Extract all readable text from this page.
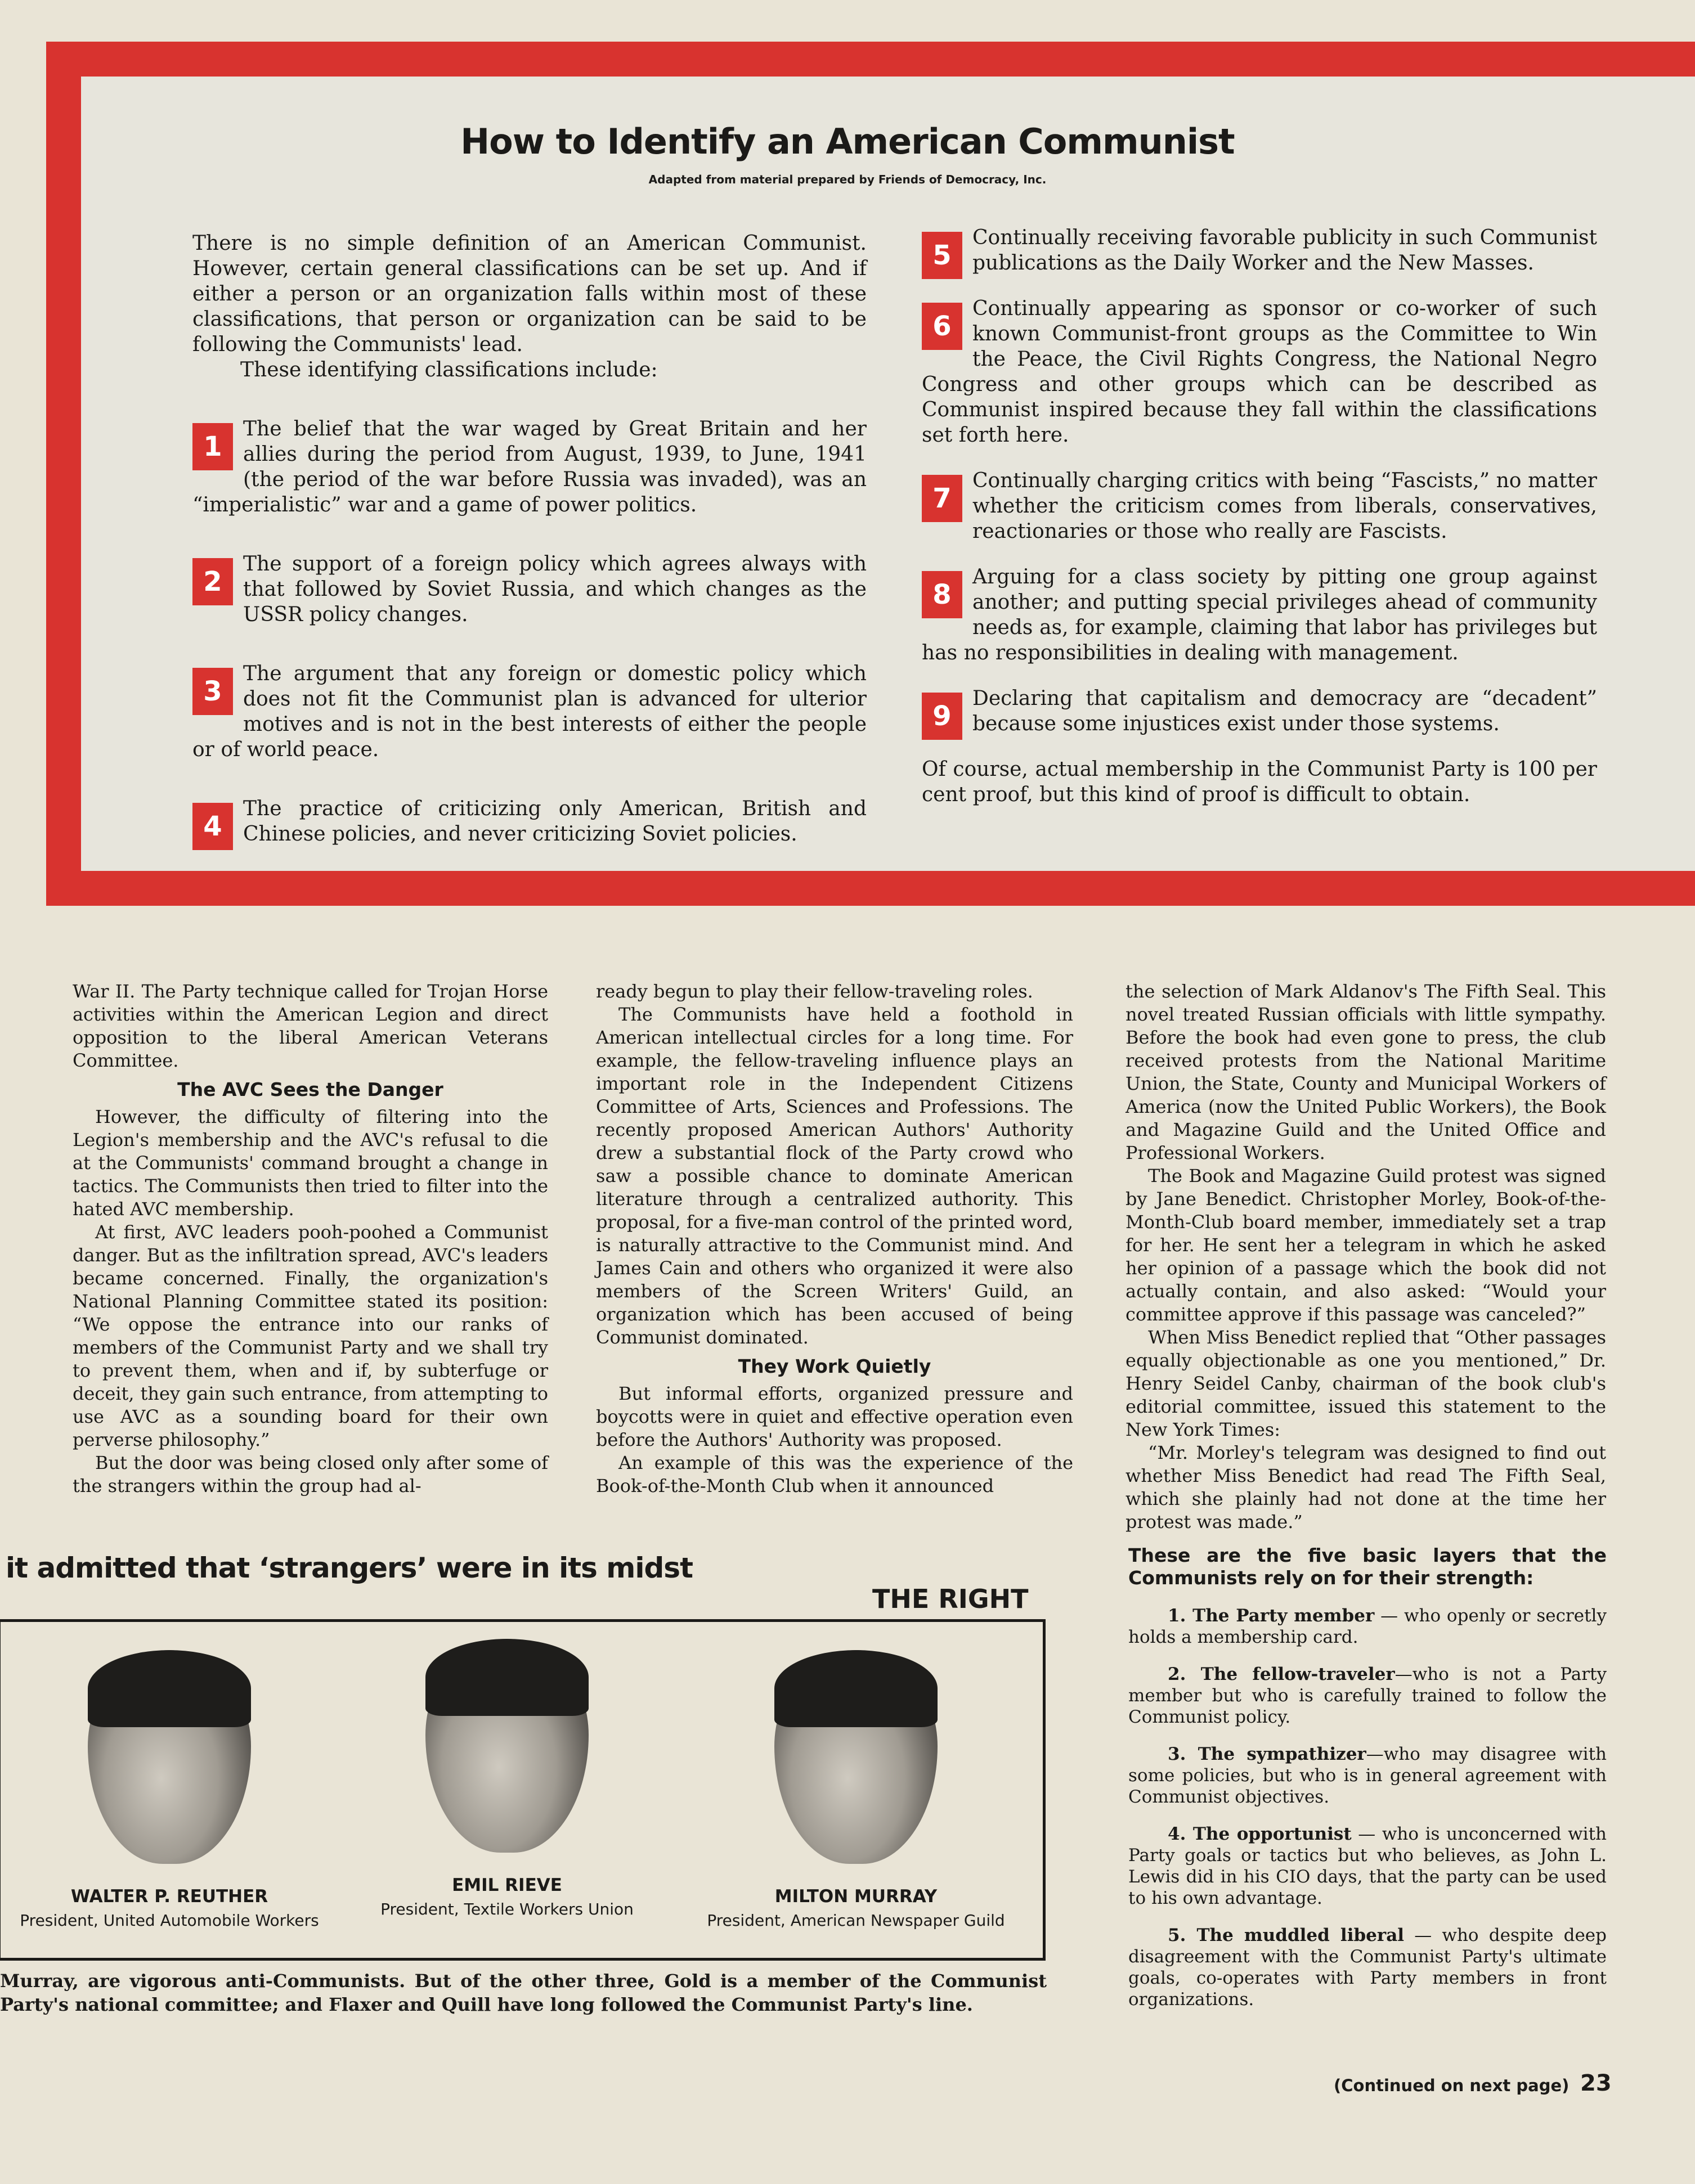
How to Identify an American Communist
Adapted from material prepared by Friends of Democracy, Inc.

There is no simple definition of an American Communist. However, certain general classifications can be set up. And if either a person or an organization falls within most of these classifications, that person or organization can be said to be following the Communists' lead.

These identifying classifications include:

1
The belief that the war waged by Great Britain and her allies during the period from August, 1939, to June, 1941 (the period of the war before Russia was invaded), was an “imperialistic” war and a game of power politics.

2
The support of a foreign policy which agrees always with that followed by Soviet Russia, and which changes as the USSR policy changes.

3
The argument that any foreign or domestic policy which does not fit the Communist plan is advanced for ulterior motives and is not in the best interests of either the people or of world peace.

4
The practice of criticizing only American, British and Chinese policies, and never criticizing Soviet policies.

5
Continually receiving favorable publicity in such Communist publications as the Daily Worker and the New Masses.

6
Continually appearing as sponsor or co-worker of such known Communist-front groups as the Committee to Win the Peace, the Civil Rights Congress, the National Negro Congress and other groups which can be described as Communist inspired because they fall within the classifications set forth here.

7
Continually charging critics with being “Fascists,” no matter whether the criticism comes from liberals, conservatives, reactionaries or those who really are Fascists.

8
Arguing for a class society by pitting one group against another; and putting special privileges ahead of community needs as, for example, claiming that labor has privileges but has no responsibilities in dealing with management.

9
Declaring that capitalism and democracy are “decadent” because some injustices exist under those systems.

Of course, actual membership in the Communist Party is 100 per cent proof, but this kind of proof is difficult to obtain.

War II. The Party technique called for Trojan Horse activities within the American Legion and direct opposition to the liberal American Veterans Committee.

The AVC Sees the Danger

However, the difficulty of filtering into the Legion's membership and the AVC's refusal to die at the Communists' command brought a change in tactics. The Communists then tried to filter into the hated AVC membership.

At first, AVC leaders pooh-poohed a Communist danger. But as the infiltration spread, AVC's leaders became concerned. Finally, the organization's National Planning Committee stated its position: “We oppose the entrance into our ranks of members of the Communist Party and we shall try to prevent them, when and if, by subterfuge or deceit, they gain such entrance, from attempting to use AVC as a sounding board for their own perverse philosophy.”

But the door was being closed only after some of the strangers within the group had al-

ready begun to play their fellow-traveling roles.

The Communists have held a foothold in American intellectual circles for a long time. For example, the fellow-traveling influence plays an important role in the Independent Citizens Committee of Arts, Sciences and Professions. The recently proposed American Authors' Authority drew a substantial flock of the Party crowd who saw a possible chance to dominate American literature through a centralized authority. This proposal, for a five-man control of the printed word, is naturally attractive to the Communist mind. And James Cain and others who organized it were also members of the Screen Writers' Guild, an organization which has been accused of being Communist dominated.

They Work Quietly

But informal efforts, organized pressure and boycotts were in quiet and effective operation even before the Authors' Authority was proposed.

An example of this was the experience of the Book-of-the-Month Club when it announced

the selection of Mark Aldanov's The Fifth Seal. This novel treated Russian officials with little sympathy. Before the book had even gone to press, the club received protests from the National Maritime Union, the State, County and Municipal Workers of America (now the United Public Workers), the Book and Magazine Guild and the United Office and Professional Workers.

The Book and Magazine Guild protest was signed by Jane Benedict. Christopher Morley, Book-of-the-Month-Club board member, immediately set a trap for her. He sent her a telegram in which he asked her opinion of a passage which the book did not actually contain, and also asked: “Would your committee approve if this passage was canceled?”

When Miss Benedict replied that “Other passages equally objectionable as one you mentioned,” Dr. Henry Seidel Canby, chairman of the book club's editorial committee, issued this statement to the New York Times:

“Mr. Morley's telegram was designed to find out whether Miss Benedict had read The Fifth Seal, which she plainly had not done at the time her protest was made.”

it admitted that ‘strangers’ were in its midst
THE RIGHT
WALTER P. REUTHER
President, United Automobile Workers
EMIL RIEVE
President, Textile Workers Union
MILTON MURRAY
President, American Newspaper Guild
Murray, are vigorous anti-Communists. But of the other three, Gold is a member of the Communist Party's national committee; and Flaxer and Quill have long followed the Communist Party's line.
These are the five basic layers that the Communists rely on for their strength:

1. The Party member — who openly or secretly holds a membership card.

2. The fellow-traveler—who is not a Party member but who is carefully trained to follow the Communist policy.

3. The sympathizer—who may disagree with some policies, but who is in general agreement with Communist objectives.

4. The opportunist — who is unconcerned with Party goals or tactics but who believes, as John L. Lewis did in his CIO days, that the party can be used to his own advantage.

5. The muddled liberal — who despite deep disagreement with the Communist Party's ultimate goals, co-operates with Party members in front organizations.

(Continued on next page) 23
